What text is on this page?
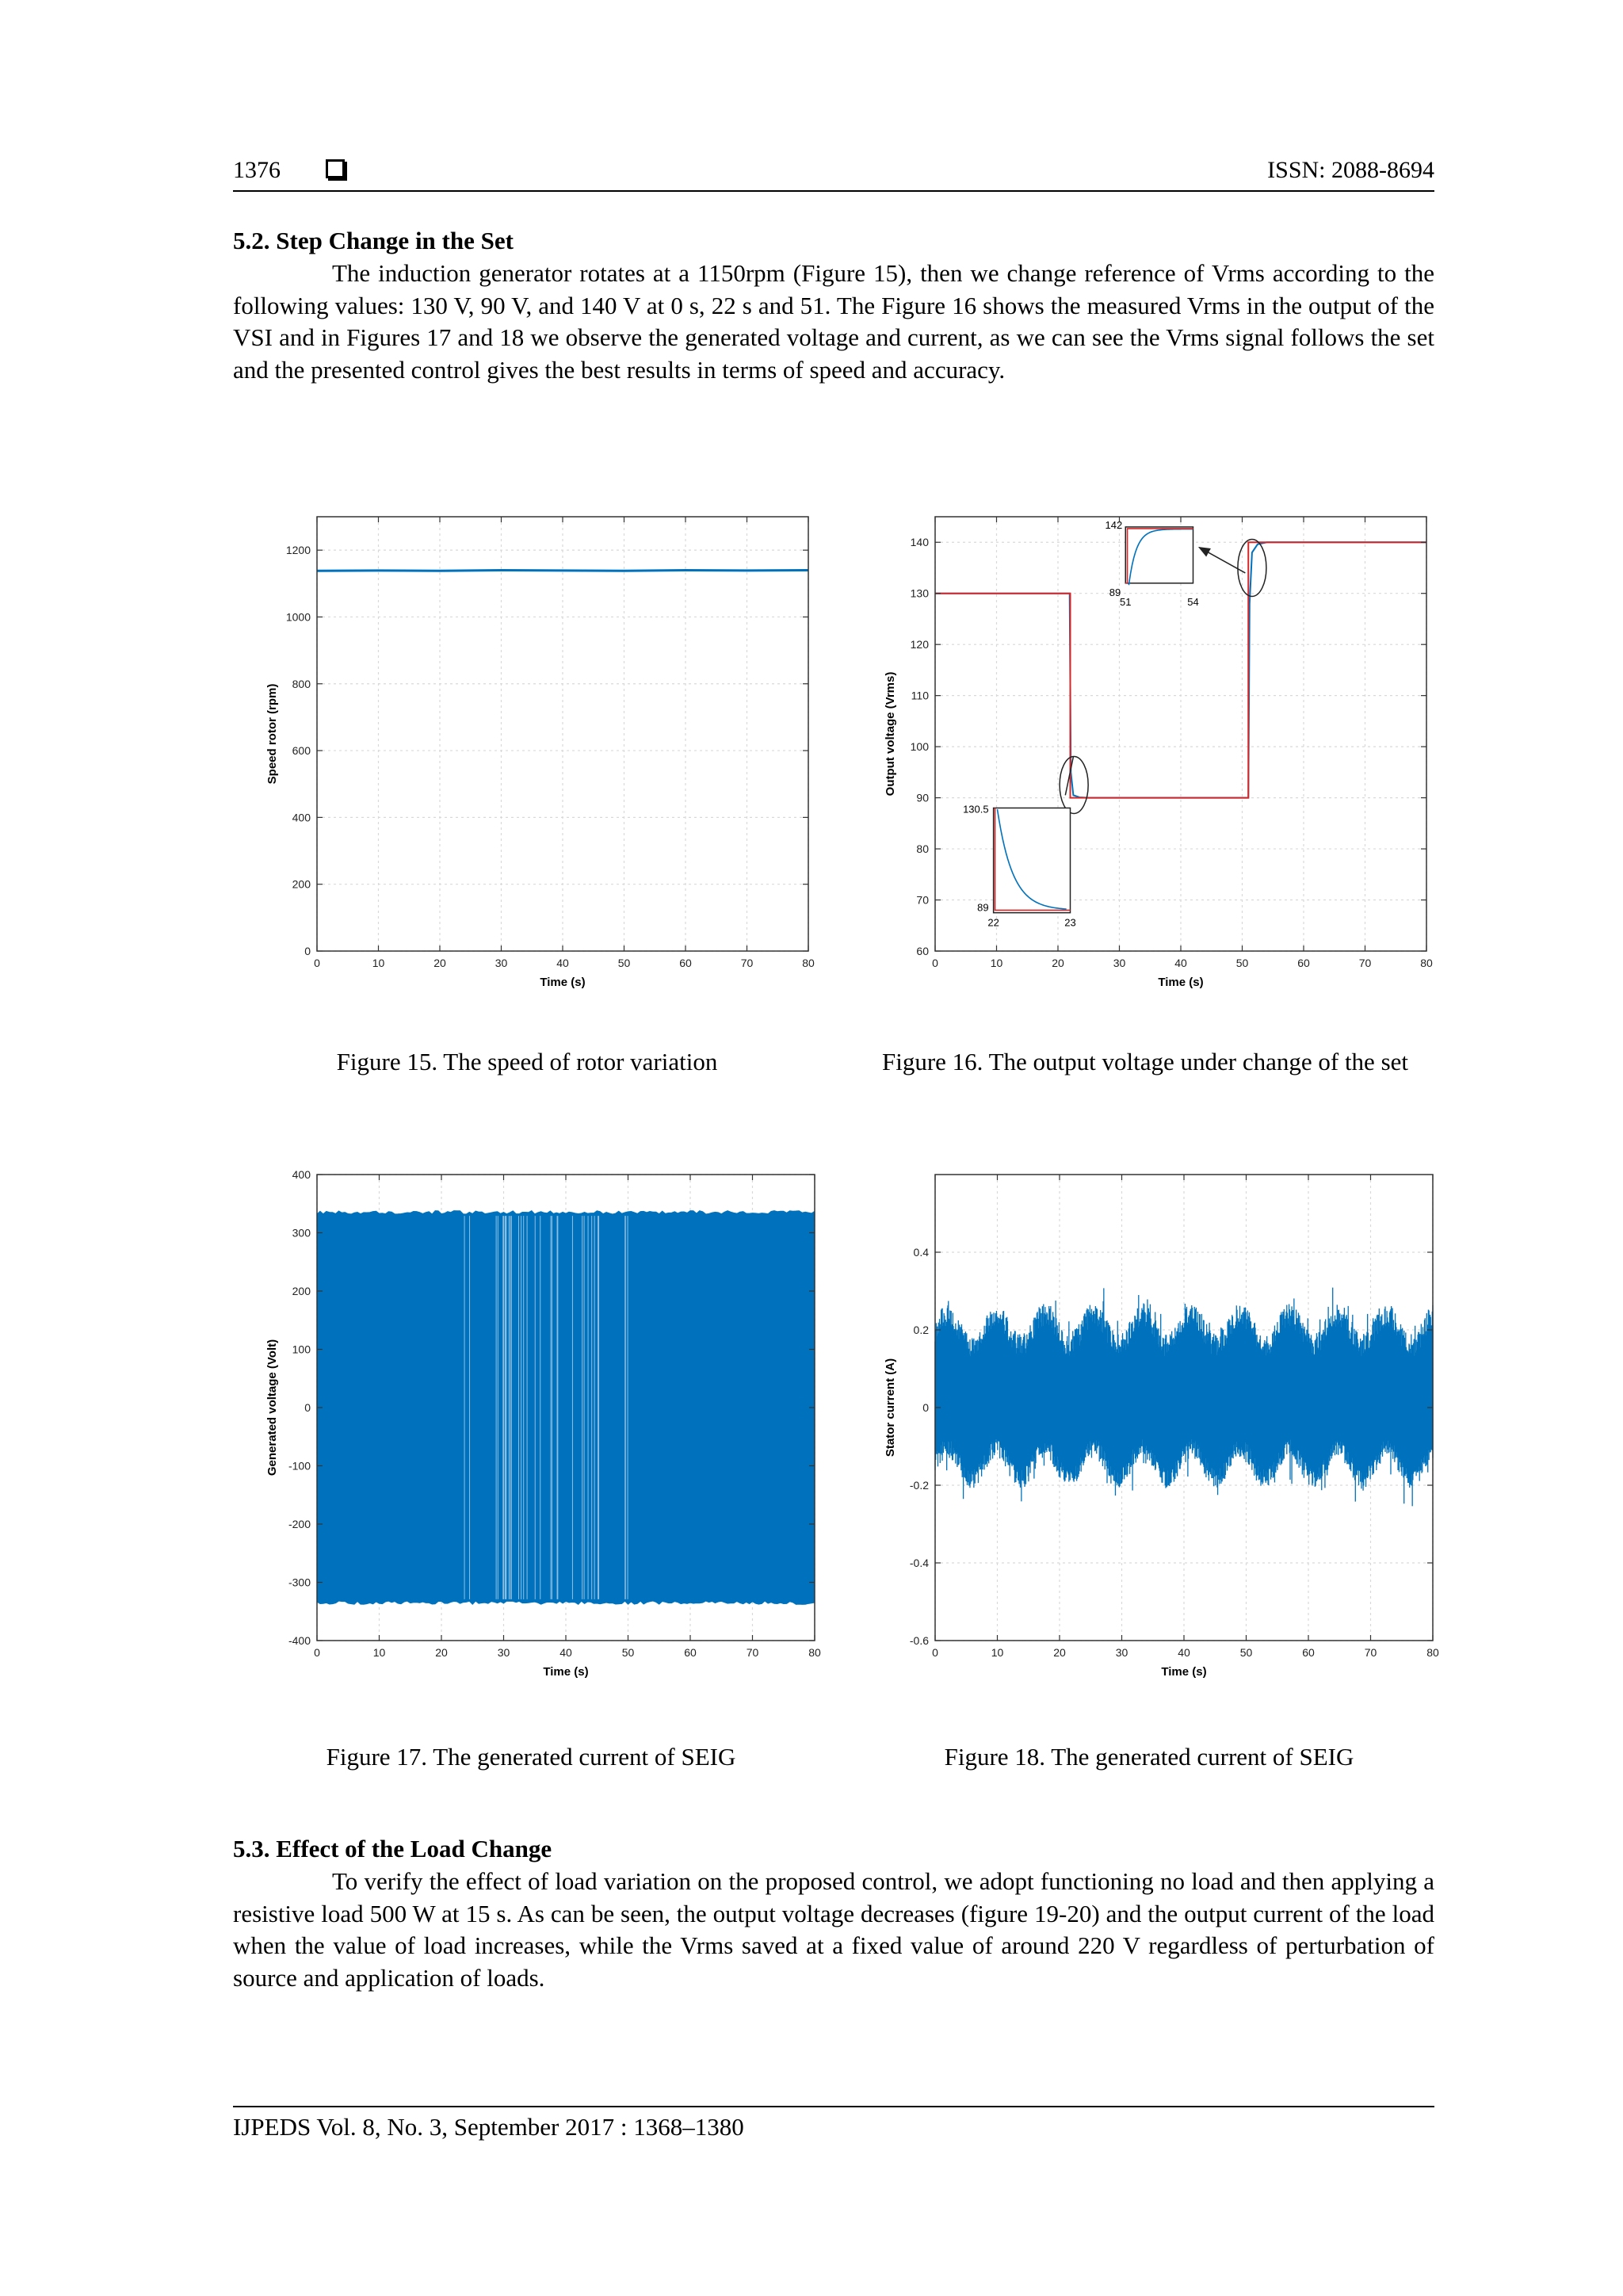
1376	ISSN: 2088-8694
5.2. Step Change in the Set
The induction generator rotates at a 1150rpm (Figure 15), then we change reference of Vrms according to the following values: 130 V, 90 V, and 140 V at 0 s, 22 s and 51. The Figure 16 shows the measured Vrms in the output of the VSI and in Figures 17 and 18 we observe the generated voltage and current, as we can see the Vrms signal follows the set and the presented control gives the best results in terms of speed and accuracy.
0	10	20	30	40	50	60	70	80
0
200
400
600
800
1000
1200
Time (s)
Speed rotor (rpm)
Figure 15. The speed of rotor variation
130.5
89
22	23
142
89
51	54
0	10	20	30	40	50	60	70	80
60
70
80
90
100
110
120
130
140
Time (s)
Output voltage (Vrms)
Figure 16. The output voltage under change of the set
0	10	20	30	40	50	60	70	80
-400
-300
-200
-100
0
100
200
300
400
Time (s)
Generated voltage (Volt)
Figure 17. The generated current of SEIG
0	10	20	30	40	50	60	70	80
-0.6
-0.4
-0.2
0
0.2
0.4
Time (s)
Stator current (A)
Figure 18. The generated current of SEIG
5.3. Effect of the Load Change
To verify the effect of load variation on the proposed control, we adopt functioning no load and then applying a resistive load 500 W at 15 s. As can be seen, the output voltage decreases (figure 19-20) and the output current of the load when the value of load increases, while the Vrms saved at a fixed value of around 220 V regardless of perturbation of source and application of loads.
IJPEDS Vol. 8, No. 3, September 2017 : 1368–1380
